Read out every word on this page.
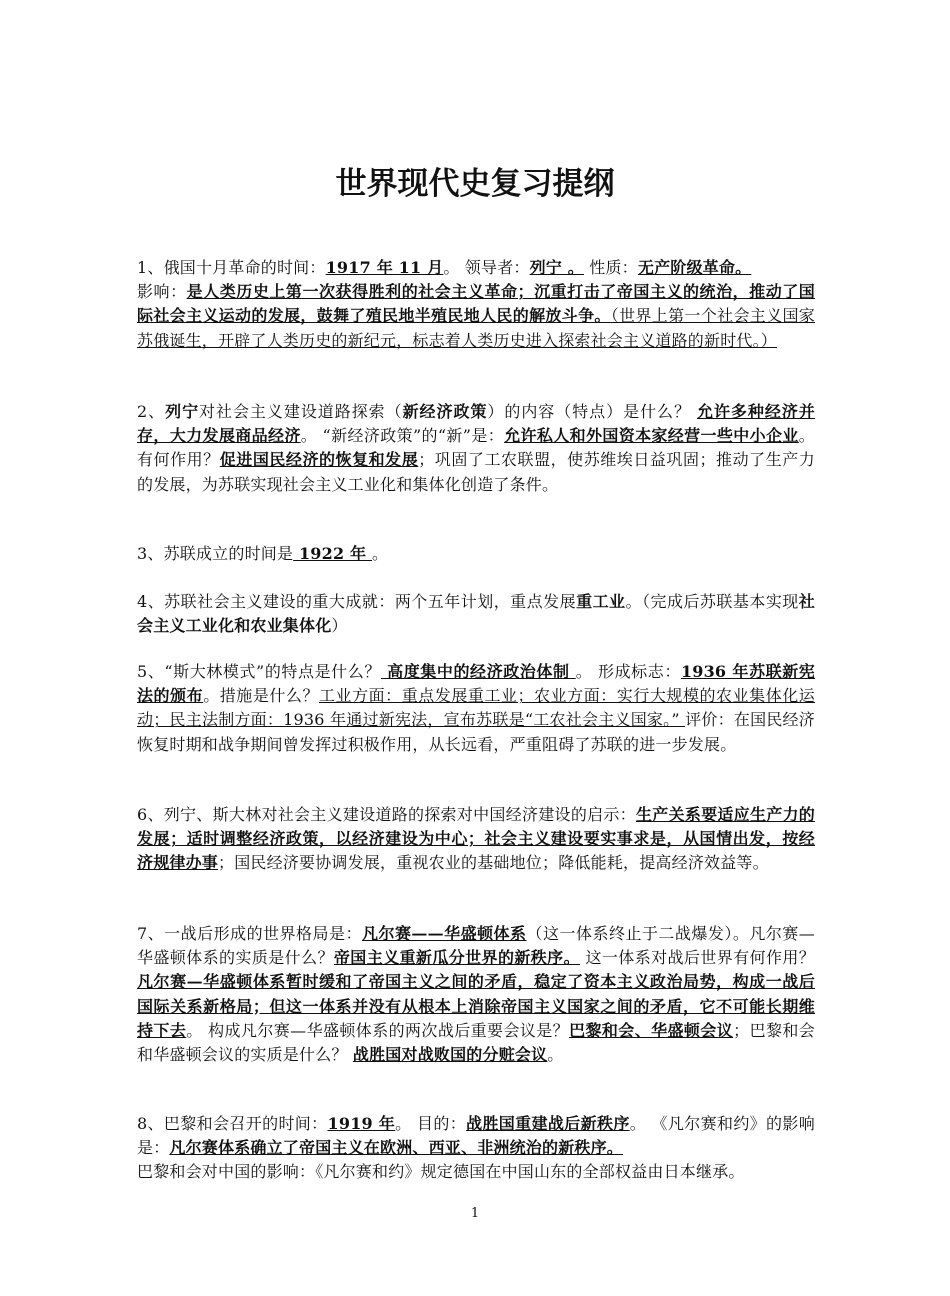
世界现代史复习提纲

1、俄国十月革命的时间：1917 年 11 月。 领导者：列宁 。 性质：无产阶级革命。
影响：是人类历史上第一次获得胜利的社会主义革命；沉重打击了帝国主义的统治，推动了国际社会主义运动的发展，鼓舞了殖民地半殖民地人民的解放斗争。（世界上第一个社会主义国家苏俄诞生，开辟了人类历史的新纪元，标志着人类历史进入探索社会主义道路的新时代。）

2、列宁对社会主义建设道路探索（新经济政策）的内容（特点）是什么？ 允许多种经济并存，大力发展商品经济。 “新经济政策”的“新”是：允许私人和外国资本家经营一些中小企业。 有何作用？促进国民经济的恢复和发展；巩固了工农联盟，使苏维埃日益巩固；推动了生产力的发展，为苏联实现社会主义工业化和集体化创造了条件。

3、苏联成立的时间是 1922 年 。

4、苏联社会主义建设的重大成就：两个五年计划，重点发展重工业。（完成后苏联基本实现社会主义工业化和农业集体化）

5、“斯大林模式”的特点是什么？ 高度集中的经济政治体制 。 形成标志：1936 年苏联新宪法的颁布。措施是什么？工业方面：重点发展重工业；农业方面：实行大规模的农业集体化运动；民主法制方面：1936 年通过新宪法，宣布苏联是“工农社会主义国家。” 评价：在国民经济恢复时期和战争期间曾发挥过积极作用，从长远看，严重阻碍了苏联的进一步发展。

6、列宁、斯大林对社会主义建设道路的探索对中国经济建设的启示：生产关系要适应生产力的发展；适时调整经济政策，以经济建设为中心；社会主义建设要实事求是，从国情出发，按经济规律办事；国民经济要协调发展，重视农业的基础地位；降低能耗，提高经济效益等。

7、一战后形成的世界格局是：凡尔赛——华盛顿体系（这一体系终止于二战爆发）。凡尔赛—华盛顿体系的实质是什么？帝国主义重新瓜分世界的新秩序。 这一体系对战后世界有何作用？凡尔赛—华盛顿体系暂时缓和了帝国主义之间的矛盾，稳定了资本主义政治局势，构成一战后国际关系新格局；但这一体系并没有从根本上消除帝国主义国家之间的矛盾，它不可能长期维持下去。 构成凡尔赛—华盛顿体系的两次战后重要会议是？巴黎和会、华盛顿会议；巴黎和会和华盛顿会议的实质是什么？ 战胜国对战败国的分赃会议。

8、巴黎和会召开的时间：1919 年。 目的：战胜国重建战后新秩序。 《凡尔赛和约》的影响是：凡尔赛体系确立了帝国主义在欧洲、西亚、非洲统治的新秩序。
巴黎和会对中国的影响：《凡尔赛和约》规定德国在中国山东的全部权益由日本继承。

1
